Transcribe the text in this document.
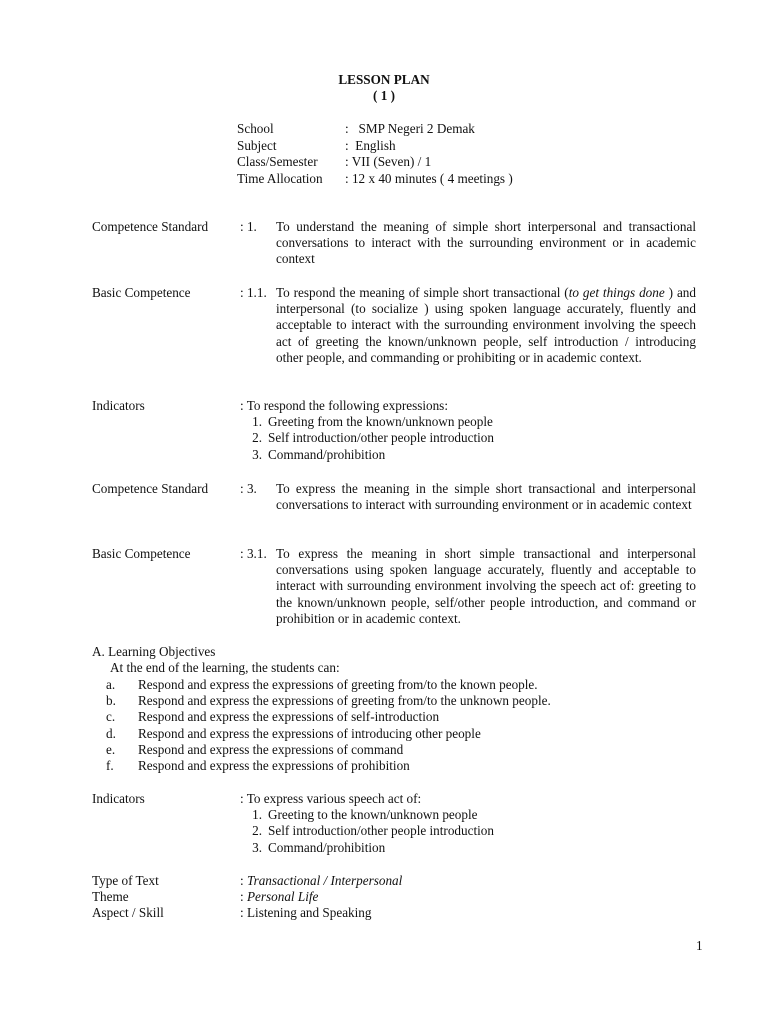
LESSON PLAN
( 1 )
School	:   SMP Negeri 2 Demak
Subject	:  English
Class/Semester	: VII (Seven) / 1
Time Allocation	: 12 x 40 minutes ( 4 meetings )
Competence Standard	: 1.	To understand the meaning of simple short interpersonal and transactional conversations to interact with the surrounding environment or in academic context
Basic Competence	: 1.1. To respond the meaning of simple short transactional (to get things done ) and interpersonal (to socialize ) using spoken language accurately, fluently and acceptable to interact with the surrounding environment involving the speech act of greeting the known/unknown people, self introduction / introducing other people, and commanding or prohibiting or in academic context.
Indicators	: To respond the following expressions:
1. Greeting from the known/unknown people
2. Self introduction/other people introduction
3. Command/prohibition
Competence Standard	: 3.	To express the meaning in the simple short transactional and interpersonal conversations to interact with surrounding environment or in academic context
Basic Competence	: 3.1. To express the meaning in short simple transactional and interpersonal conversations using spoken language accurately, fluently and acceptable to interact with surrounding environment involving the speech act of: greeting to the known/unknown people, self/other people introduction, and command or prohibition or in academic context.
A. Learning Objectives
At the end of the learning, the students can:
a.	Respond and express the expressions of greeting from/to the known people.
b.	Respond and express the expressions of greeting from/to the unknown people.
c.	Respond and express the expressions of self-introduction
d.	Respond and express the expressions of introducing other people
e.	Respond and express the expressions of command
f.	Respond and express the expressions of prohibition
Indicators	: To express various speech act of:
1. Greeting to the known/unknown people
2. Self introduction/other people introduction
3. Command/prohibition
Type of Text	: Transactional / Interpersonal
Theme	: Personal Life
Aspect / Skill	: Listening and Speaking
1
